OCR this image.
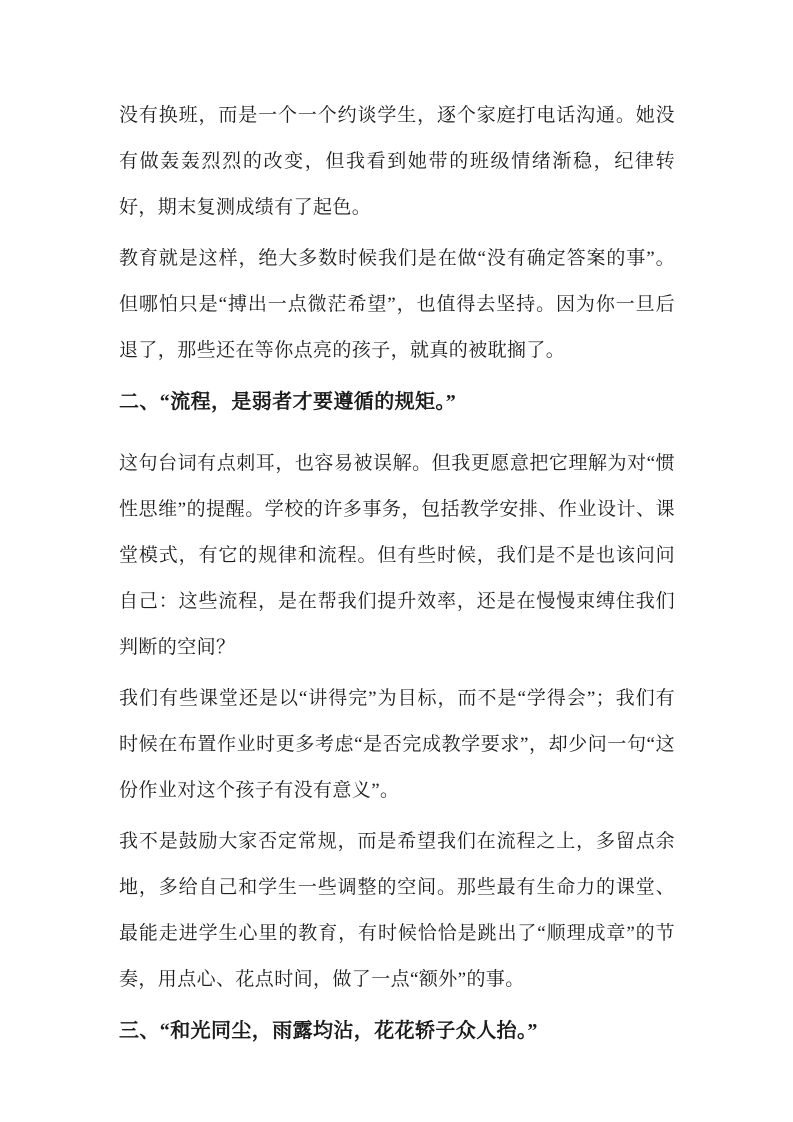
没有换班，而是一个一个约谈学生，逐个家庭打电话沟通。她没有做轰轰烈烈的改变，但我看到她带的班级情绪渐稳，纪律转好，期末复测成绩有了起色。

教育就是这样，绝大多数时候我们是在做“没有确定答案的事”。但哪怕只是“搏出一点微茫希望”，也值得去坚持。因为你一旦后退了，那些还在等你点亮的孩子，就真的被耽搁了。

二、“流程，是弱者才要遵循的规矩。”

这句台词有点刺耳，也容易被误解。但我更愿意把它理解为对“惯性思维”的提醒。学校的许多事务，包括教学安排、作业设计、课堂模式，有它的规律和流程。但有些时候，我们是不是也该问问自己：这些流程，是在帮我们提升效率，还是在慢慢束缚住我们判断的空间？

我们有些课堂还是以“讲得完”为目标，而不是“学得会”；我们有时候在布置作业时更多考虑“是否完成教学要求”，却少问一句“这份作业对这个孩子有没有意义”。

我不是鼓励大家否定常规，而是希望我们在流程之上，多留点余地，多给自己和学生一些调整的空间。那些最有生命力的课堂、最能走进学生心里的教育，有时候恰恰是跳出了“顺理成章”的节奏，用点心、花点时间，做了一点“额外”的事。

三、“和光同尘，雨露均沾，花花轿子众人抬。”
